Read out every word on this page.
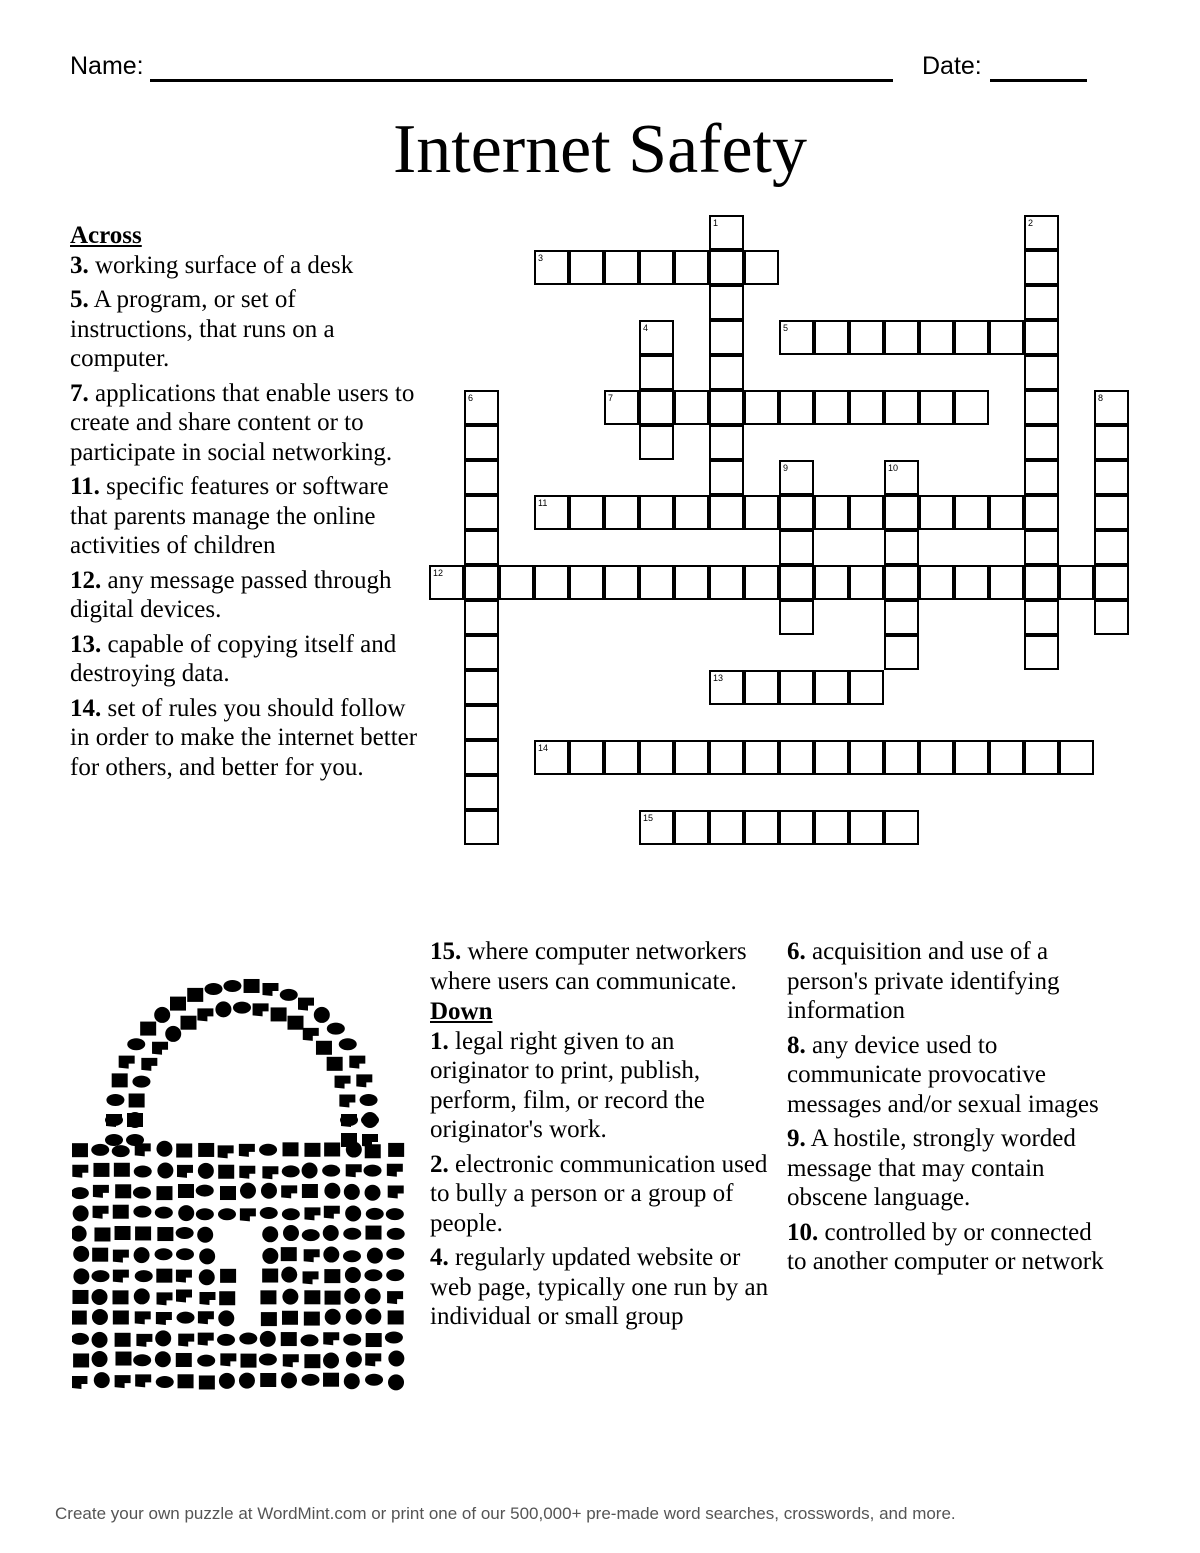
Name:	Date:
Internet Safety
Across
3. working surface of a desk
5. A program, or set of instructions, that runs on a computer.
7. applications that enable users to create and share content or to participate in social networking.
11. specific features or software that parents manage the online activities of children
12. any message passed through digital devices.
13. capable of copying itself and destroying data.
14. set of rules you should follow in order to make the internet better for others, and better for you.
15. where computer networkers where users can communicate.
Down
1. legal right given to an originator to print, publish, perform, film, or record the originator's work.
2. electronic communication used to bully a person or a group of people.
4. regularly updated website or web page, typically one run by an individual or small group
6. acquisition and use of a person's private identifying information
8. any device used to communicate provocative messages and/or sexual images
9. A hostile, strongly worded message that may contain obscene language.
10. controlled by or connected to another computer or network
1	2
3
4	5
6	7	8
9	10
11
12
13
14
15
Create your own puzzle at WordMint.com or print one of our 500,000+ pre-made word searches, crosswords, and more.
